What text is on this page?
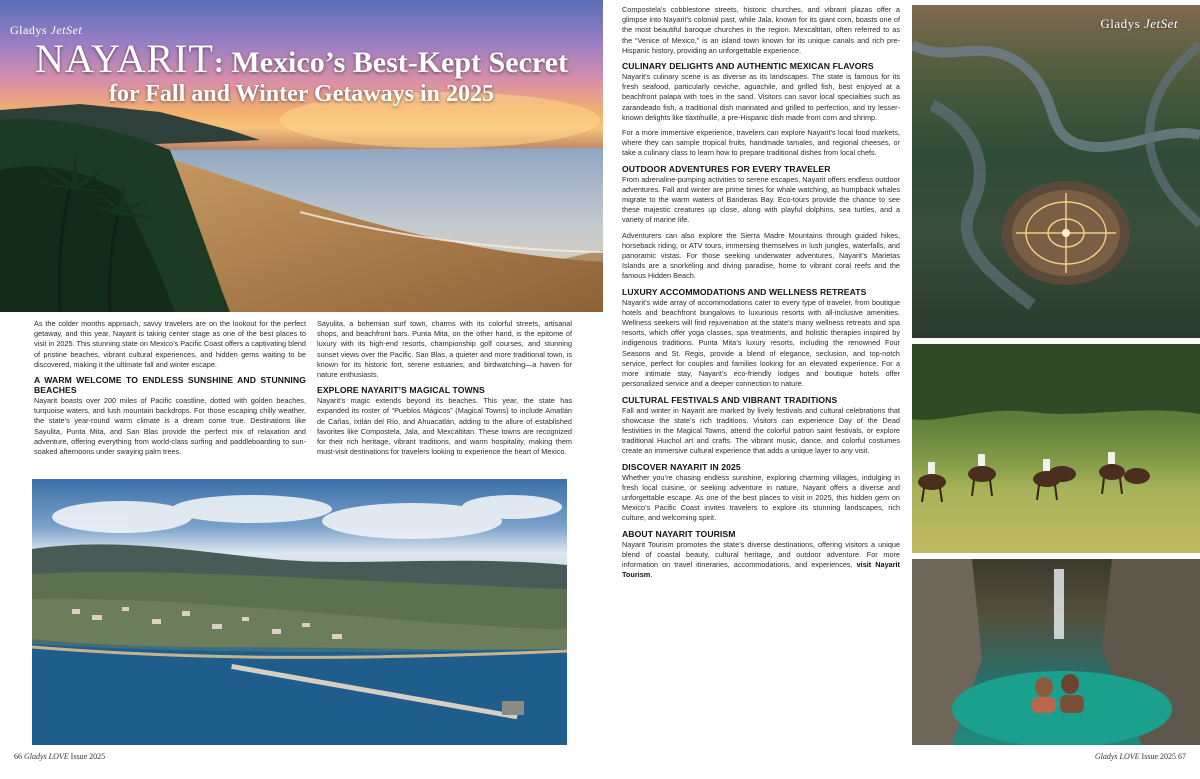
Gladys JetSet
NAYARIT: Mexico’s Best-Kept Secret
for Fall and Winter Getaways in 2025

As the colder months approach, savvy travelers are on the lookout for the perfect getaway, and this year, Nayarit is taking center stage as one of the best places to visit in 2025. This stunning state on Mexico’s Pacific Coast offers a captivating blend of pristine beaches, vibrant cultural experiences, and hidden gems waiting to be discovered, making it the ultimate fall and winter escape.

A WARM WELCOME TO ENDLESS SUNSHINE AND STUNNING BEACHES

Nayarit boasts over 200 miles of Pacific coastline, dotted with golden beaches, turquoise waters, and lush mountain backdrops. For those escaping chilly weather, the state’s year-round warm climate is a dream come true. Destinations like Sayulita, Punta Mita, and San Blas provide the perfect mix of relaxation and adventure, offering everything from world-class surfing and paddleboarding to sun-soaked afternoons under swaying palm trees.

Sayulita, a bohemian surf town, charms with its colorful streets, artisanal shops, and beachfront bars. Punta Mita, on the other hand, is the epitome of luxury with its high-end resorts, championship golf courses, and stunning sunset views over the Pacific. San Blas, a quieter and more traditional town, is known for its historic fort, serene estuaries, and birdwatching—a haven for nature enthusiasts.

EXPLORE NAYARIT’S MAGICAL TOWNS

Nayarit’s magic extends beyond its beaches. This year, the state has expanded its roster of “Pueblos Mágicos” (Magical Towns) to include Amatlán de Cañas, Ixtlán del Río, and Ahuacatlán, adding to the allure of established favorites like Compostela, Jala, and Mexcaltitan. These towns are recognized for their rich heritage, vibrant traditions, and warm hospitality, making them must-visit destinations for travelers looking to experience the heart of Mexico.

66 Gladys LOVE Issue 2025

Compostela’s cobblestone streets, historic churches, and vibrant plazas offer a glimpse into Nayarit’s colonial past, while Jala, known for its giant corn, boasts one of the most beautiful baroque churches in the region. Mexcaltitan, often referred to as the “Venice of Mexico,” is an island town known for its unique canals and rich pre-Hispanic history, providing an unforgettable experience.

CULINARY DELIGHTS AND AUTHENTIC MEXICAN FLAVORS

Nayarit’s culinary scene is as diverse as its landscapes. The state is famous for its fresh seafood, particularly ceviche, aguachile, and grilled fish, best enjoyed at a beachfront palapa with toes in the sand. Visitors can savor local specialties such as zarandeado fish, a traditional dish marinated and grilled to perfection, and try lesser-known delights like tlaxtihuille, a pre-Hispanic dish made from corn and shrimp.

For a more immersive experience, travelers can explore Nayarit’s local food markets, where they can sample tropical fruits, handmade tamales, and regional cheeses, or take a culinary class to learn how to prepare traditional dishes from local chefs.

OUTDOOR ADVENTURES FOR EVERY TRAVELER

From adrenaline-pumping activities to serene escapes, Nayarit offers endless outdoor adventures. Fall and winter are prime times for whale watching, as humpback whales migrate to the warm waters of Banderas Bay. Eco-tours provide the chance to see these majestic creatures up close, along with playful dolphins, sea turtles, and a variety of marine life.

Adventurers can also explore the Sierra Madre Mountains through guided hikes, horseback riding, or ATV tours, immersing themselves in lush jungles, waterfalls, and panoramic vistas. For those seeking underwater adventures, Nayarit’s Marietas Islands are a snorkeling and diving paradise, home to vibrant coral reefs and the famous Hidden Beach.

LUXURY ACCOMMODATIONS AND WELLNESS RETREATS

Nayarit’s wide array of accommodations cater to every type of traveler, from boutique hotels and beachfront bungalows to luxurious resorts with all-inclusive amenities. Wellness seekers will find rejuvenation at the state’s many wellness retreats and spa resorts, which offer yoga classes, spa treatments, and holistic therapies inspired by indigenous traditions. Punta Mita’s luxury resorts, including the renowned Four Seasons and St. Regis, provide a blend of elegance, seclusion, and top-notch service, perfect for couples and families looking for an elevated experience. For a more intimate stay, Nayarit’s eco-friendly lodges and boutique hotels offer personalized service and a deeper connection to nature.

CULTURAL FESTIVALS AND VIBRANT TRADITIONS

Fall and winter in Nayarit are marked by lively festivals and cultural celebrations that showcase the state’s rich traditions. Visitors can experience Day of the Dead festivities in the Magical Towns, attend the colorful patron saint festivals, or explore traditional Huichol art and crafts. The vibrant music, dance, and colorful costumes create an immersive cultural experience that adds a unique layer to any visit.

DISCOVER NAYARIT IN 2025

Whether you’re chasing endless sunshine, exploring charming villages, indulging in fresh local cuisine, or seeking adventure in nature, Nayarit offers a diverse and unforgettable escape. As one of the best places to visit in 2025, this hidden gem on Mexico’s Pacific Coast invites travelers to explore its stunning landscapes, rich culture, and welcoming spirit.

ABOUT NAYARIT TOURISM

Nayarit Tourism promotes the state’s diverse destinations, offering visitors a unique blend of coastal beauty, cultural heritage, and outdoor adventure. For more information on travel itineraries, accommodations, and experiences, visit Nayarit Tourism.

Gladys JetSet
Gladys LOVE Issue 2025 67
